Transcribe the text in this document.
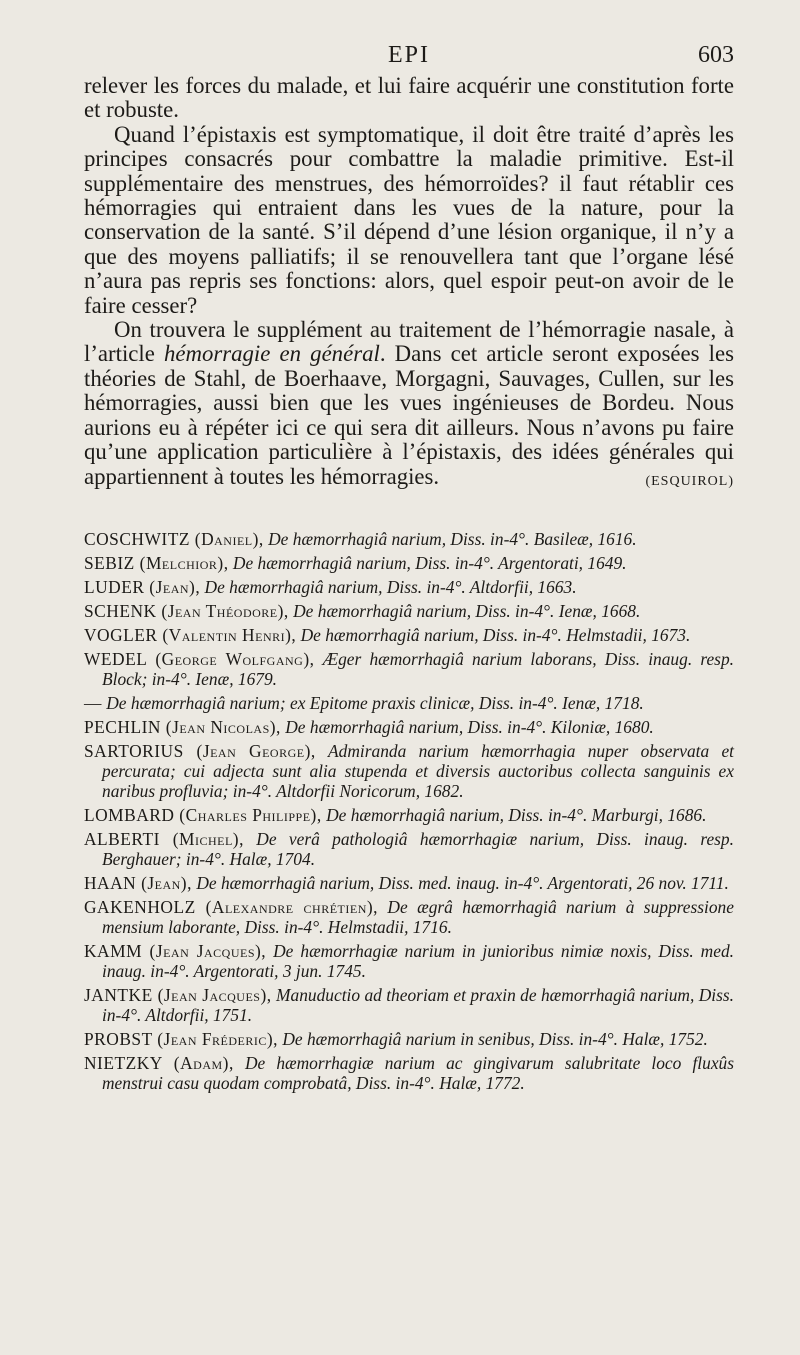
EPI	603

relever les forces du malade, et lui faire acquérir une constitution forte et robuste.

Quand l’épistaxis est symptomatique, il doit être traité d’après les principes consacrés pour combattre la maladie primitive. Est-il supplémentaire des menstrues, des hémorroïdes? il faut rétablir ces hémorragies qui entraient dans les vues de la nature, pour la conservation de la santé. S’il dépend d’une lésion organique, il n’y a que des moyens palliatifs; il se renouvellera tant que l’organe lésé n’aura pas repris ses fonctions: alors, quel espoir peut-on avoir de le faire cesser?

On trouvera le supplément au traitement de l’hémorragie nasale, à l’article hémorragie en général. Dans cet article seront exposées les théories de Stahl, de Boerhaave, Morgagni, Sauvages, Cullen, sur les hémorragies, aussi bien que les vues ingénieuses de Bordeu. Nous aurions eu à répéter ici ce qui sera dit ailleurs. Nous n’avons pu faire qu’une application particulière à l’épistaxis, des idées générales qui appartiennent à toutes les hémorragies.	(ESQUIROL)

COSCHWITZ (Daniel), De hæmorrhagiâ narium, Diss. in-4°. Basileæ, 1616.

SEBIZ (Melchior), De hæmorrhagiâ narium, Diss. in-4°. Argentorati, 1649.

LUDER (Jean), De hæmorrhagiâ narium, Diss. in-4°. Altdorfii, 1663.

SCHENK (Jean Théodore), De hæmorrhagiâ narium, Diss. in-4°. Ienæ, 1668.

VOGLER (Valentin Henri), De hæmorrhagiâ narium, Diss. in-4°. Helmstadii, 1673.

WEDEL (George Wolfgang), Æger hæmorrhagiâ narium laborans, Diss. inaug. resp. Block; in-4°. Ienæ, 1679.

— De hæmorrhagiâ narium; ex Epitome praxis clinicæ, Diss. in-4°. Ienæ, 1718.

PECHLIN (Jean Nicolas), De hæmorrhagiâ narium, Diss. in-4°. Kiloniæ, 1680.

SARTORIUS (Jean George), Admiranda narium hæmorrhagia nuper observata et percurata; cui adjecta sunt alia stupenda et diversis auctoribus collecta sanguinis ex naribus profluvia; in-4°. Altdorfii Noricorum, 1682.

LOMBARD (Charles Philippe), De hæmorrhagiâ narium, Diss. in-4°. Marburgi, 1686.

ALBERTI (Michel), De verâ pathologiâ hæmorrhagiæ narium, Diss. inaug. resp. Berghauer; in-4°. Halæ, 1704.

HAAN (Jean), De hæmorrhagiâ narium, Diss. med. inaug. in-4°. Argentorati, 26 nov. 1711.

GAKENHOLZ (Alexandre chrétien), De ægrâ hæmorrhagiâ narium à suppressione mensium laborante, Diss. in-4°. Helmstadii, 1716.

KAMM (Jean Jacques), De hæmorrhagiæ narium in junioribus nimiæ noxis, Diss. med. inaug. in-4°. Argentorati, 3 jun. 1745.

JANTKE (Jean Jacques), Manuductio ad theoriam et praxin de hæmorrhagiâ narium, Diss. in-4°. Altdorfii, 1751.

PROBST (Jean Fréderic), De hæmorrhagiâ narium in senibus, Diss. in-4°. Halæ, 1752.

NIETZKY (Adam), De hæmorrhagiæ narium ac gingivarum salubritate loco fluxûs menstrui casu quodam comprobatâ, Diss. in-4°. Halæ, 1772.
